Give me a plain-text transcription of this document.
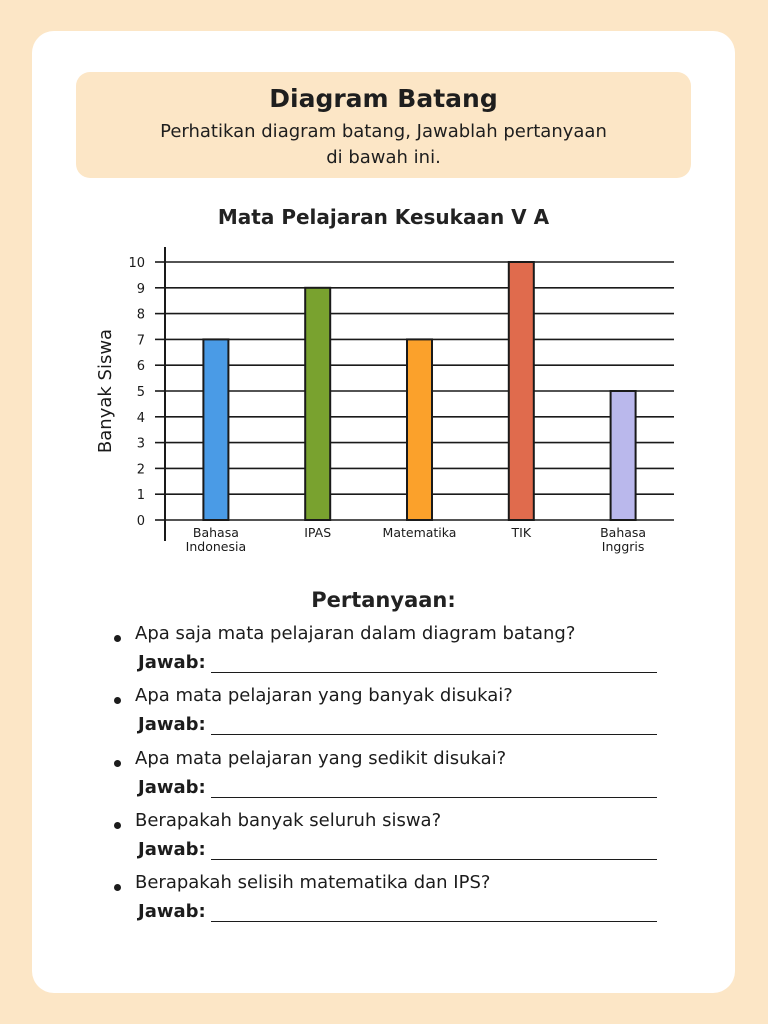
Diagram Batang
Perhatikan diagram batang, Jawablah pertanyaan di bawah ini.
Mata Pelajaran Kesukaan V A
0
1
2
3
4
5
6
7
8
9
10
Banyak Siswa
Bahasa
Indonesia
IPAS	Matematika	TIK	Bahasa
Inggris
Pertanyaan:
Apa saja mata pelajaran dalam diagram batang?
Jawab:
Apa mata pelajaran yang banyak disukai?
Jawab:
Apa mata pelajaran yang sedikit disukai?
Jawab:
Berapakah banyak seluruh siswa?
Jawab:
Berapakah selisih matematika dan IPS?
Jawab:
